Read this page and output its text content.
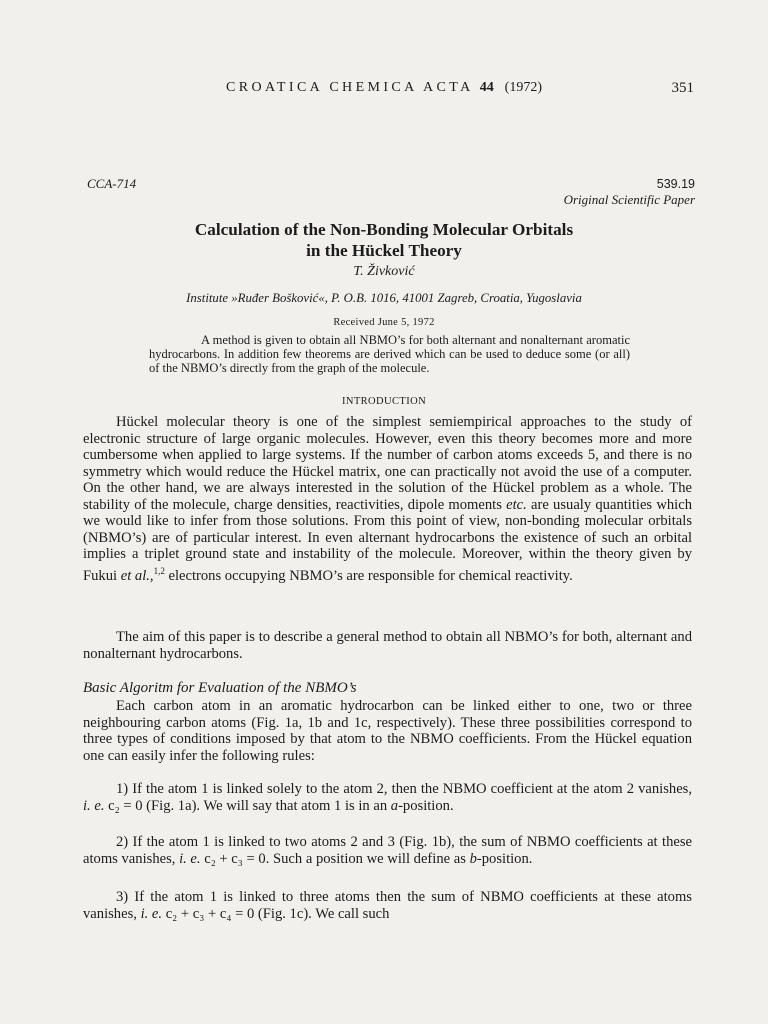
CROATICA CHEMICA ACTA 44 (1972)	351
CCA-714	539.19
Original Scientific Paper
Calculation of the Non-Bonding Molecular Orbitals
in the Hückel Theory
T. Živković
Institute »Ruđer Bošković«, P. O.B. 1016, 41001 Zagreb, Croatia, Yugoslavia
Received June 5, 1972

A method is given to obtain all NBMO’s for both alternant and nonalternant aromatic hydrocarbons. In addition few theorems are derived which can be used to deduce some (or all) of the NBMO’s directly from the graph of the molecule.

INTRODUCTION

Hückel molecular theory is one of the simplest semiempirical approaches to the study of electronic structure of large organic molecules. However, even this theory becomes more and more cumbersome when applied to large systems. If the number of carbon atoms exceeds 5, and there is no symmetry which would reduce the Hückel matrix, one can practically not avoid the use of a computer. On the other hand, we are always interested in the solution of the Hückel problem as a whole. The stability of the molecule, charge densities, reactivities, dipole moments etc. are usualy quantities which we would like to infer from those solutions. From this point of view, non-bonding molecular orbitals (NBMO’s) are of particular interest. In even alternant hydrocarbons the existence of such an orbital implies a triplet ground state and instability of the molecule. Moreover, within the theory given by Fukui et al.,$^{1,2}$ electrons occupying NBMO’s are responsible for chemical reactivity.

The aim of this paper is to describe a general method to obtain all NBMO’s for both, alternant and nonalternant hydrocarbons.

Basic Algoritm for Evaluation of the NBMO’s

Each carbon atom in an aromatic hydrocarbon can be linked either to one, two or three neighbouring carbon atoms (Fig. 1a, 1b and 1c, respectively). These three possibilities correspond to three types of conditions imposed by that atom to the NBMO coefficients. From the Hückel equation one can easily infer the following rules:

1) If the atom 1 is linked solely to the atom 2, then the NBMO coefficient at the atom 2 vanishes, i. e. c₂ = 0 (Fig. 1a). We will say that atom 1 is in an a-position.

2) If the atom 1 is linked to two atoms 2 and 3 (Fig. 1b), the sum of NBMO coefficients at these atoms vanishes, i. e. c₂ + c₃ = 0. Such a position we will define as b-position.

3) If the atom 1 is linked to three atoms then the sum of NBMO coefficients at these atoms vanishes, i. e. c₂ + c₃ + c₄ = 0 (Fig. 1c). We call such
